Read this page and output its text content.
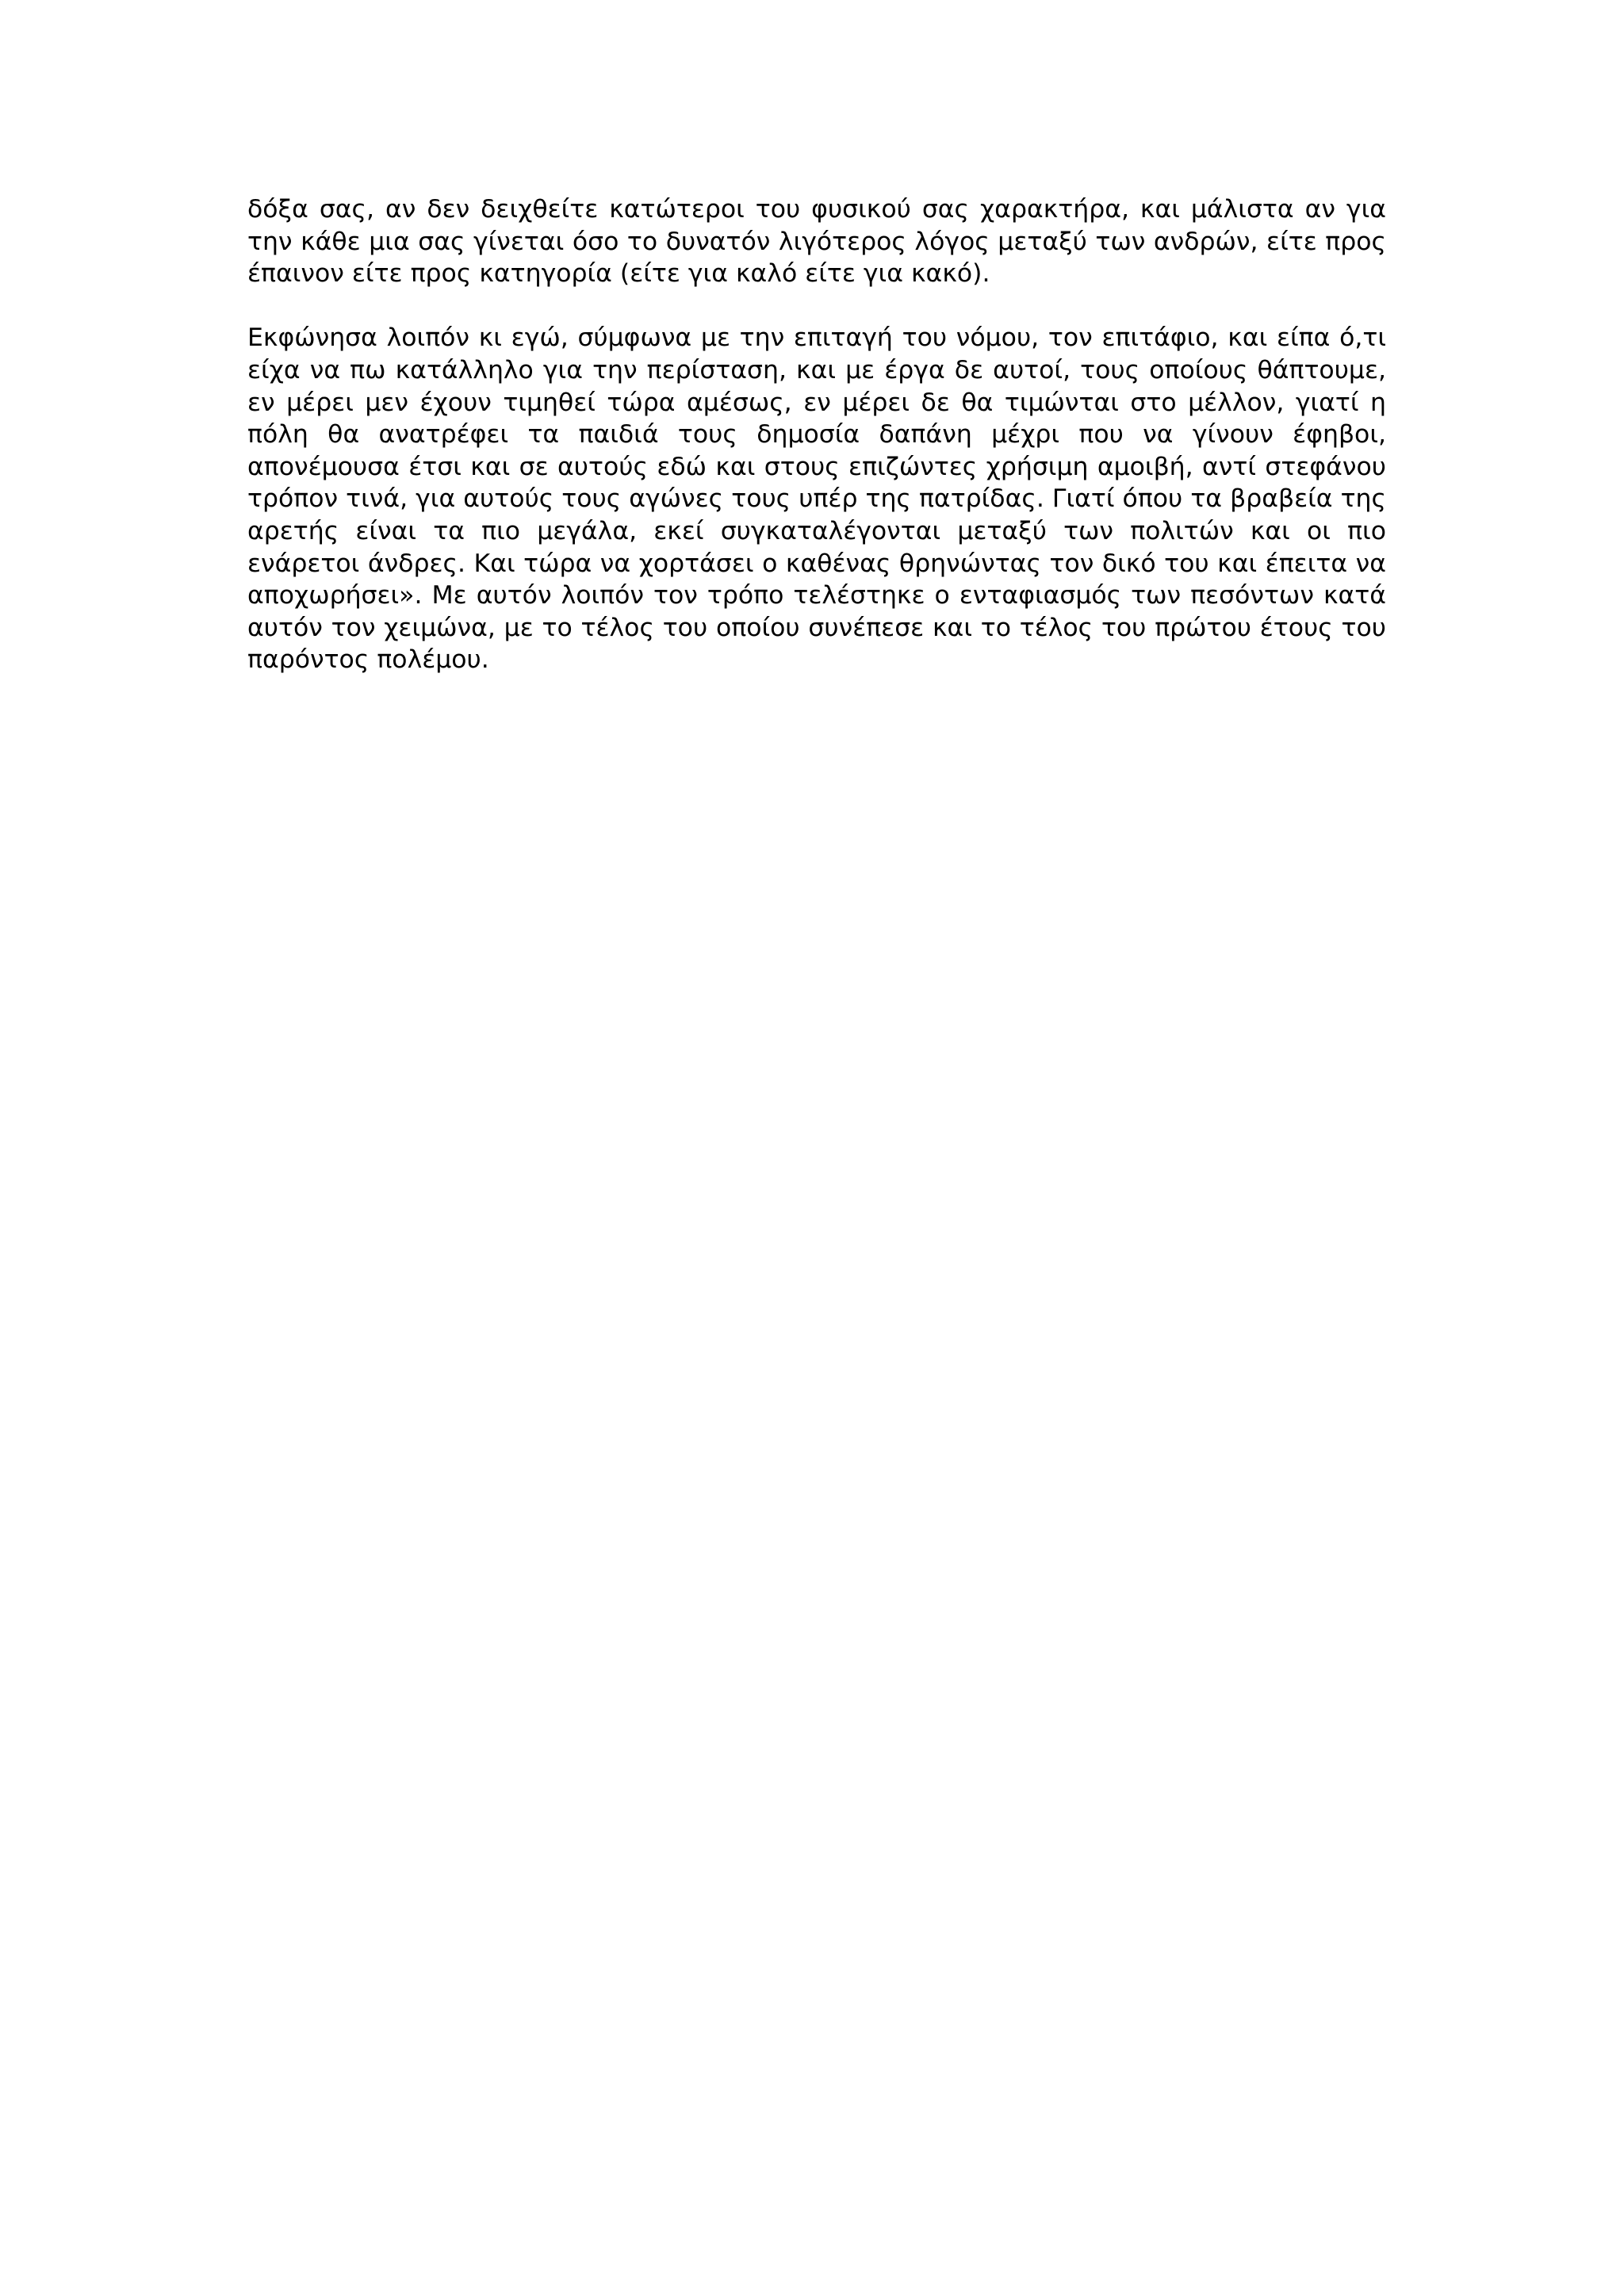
δόξα σας, αν δεν δειχθείτε κατώτεροι του φυσικού σας χαρακτήρα, και μάλιστα αν για την κάθε μια σας γίνεται όσο το δυνατόν λιγότερος λόγος μεταξύ των ανδρών, είτε προς έπαινον είτε προς κατηγορία (είτε για καλό είτε για κακό).

Εκφώνησα λοιπόν κι εγώ, σύμφωνα με την επιταγή του νόμου, τον επιτάφιο, και είπα ό,τι είχα να πω κατάλληλο για την περίσταση, και με έργα δε αυτοί, τους οποίους θάπτουμε, εν μέρει μεν έχουν τιμηθεί τώρα αμέσως, εν μέρει δε θα τιμώνται στο μέλλον, γιατί η πόλη θα ανατρέφει τα παιδιά τους δημοσία δαπάνη μέχρι που να γίνουν έφηβοι, απονέμουσα έτσι και σε αυτούς εδώ και στους επιζώντες χρήσιμη αμοιβή, αντί στεφάνου τρόπον τινά, για αυτούς τους αγώνες τους υπέρ της πατρίδας. Γιατί όπου τα βραβεία της αρετής είναι τα πιο μεγάλα, εκεί συγκαταλέγονται μεταξύ των πολιτών και οι πιο ενάρετοι άνδρες. Και τώρα να χορτάσει ο καθένας θρηνώντας τον δικό του και έπειτα να αποχωρήσει». Με αυτόν λοιπόν τον τρόπο τελέστηκε ο ενταφιασμός των πεσόντων κατά αυτόν τον χειμώνα, με το τέλος του οποίου συνέπεσε και το τέλος του πρώτου έτους του παρόντος πολέμου.
